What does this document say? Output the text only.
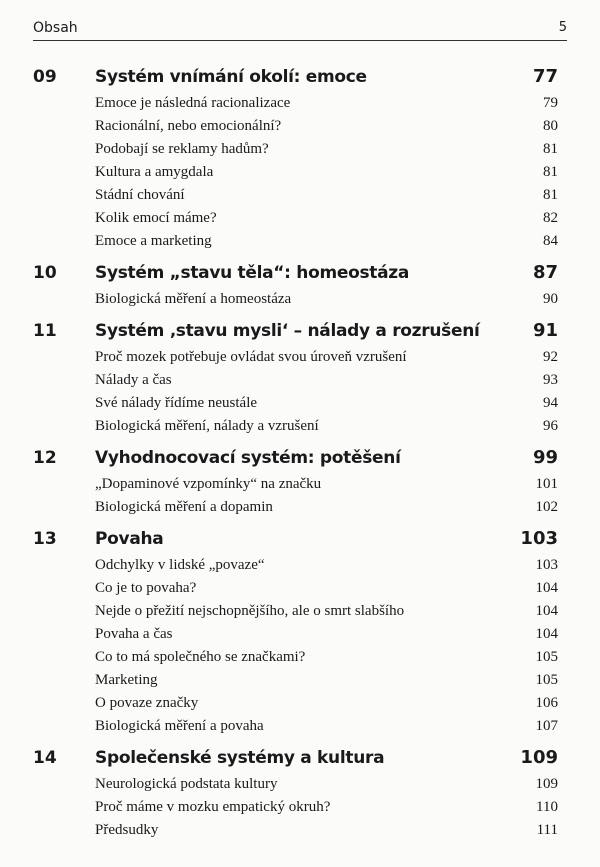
Obsah	5
09 Systém vnímání okolí: emoce	77
Emoce je následná racionalizace	79
Racionální, nebo emocionální?	80
Podobají se reklamy hadům?	81
Kultura a amygdala	81
Stádní chování	81
Kolik emocí máme?	82
Emoce a marketing	84
10 Systém „stavu těla“: homeostáza	87
Biologická měření a homeostáza	90
11 Systém ‚stavu mysli‘ – nálady a rozrušení	91
Proč mozek potřebuje ovládat svou úroveň vzrušení	92
Nálady a čas	93
Své nálady řídíme neustále	94
Biologická měření, nálady a vzrušení	96
12 Vyhodnocovací systém: potěšení	99
„Dopaminové vzpomínky“ na značku	101
Biologická měření a dopamin	102
13 Povaha	103
Odchylky v lidské „povaze“	103
Co je to povaha?	104
Nejde o přežití nejschopnějšího, ale o smrt slabšího	104
Povaha a čas	104
Co to má společného se značkami?	105
Marketing	105
O povaze značky	106
Biologická měření a povaha	107
14 Společenské systémy a kultura	109
Neurologická podstata kultury	109
Proč máme v mozku empatický okruh?	110
Předsudky	111
